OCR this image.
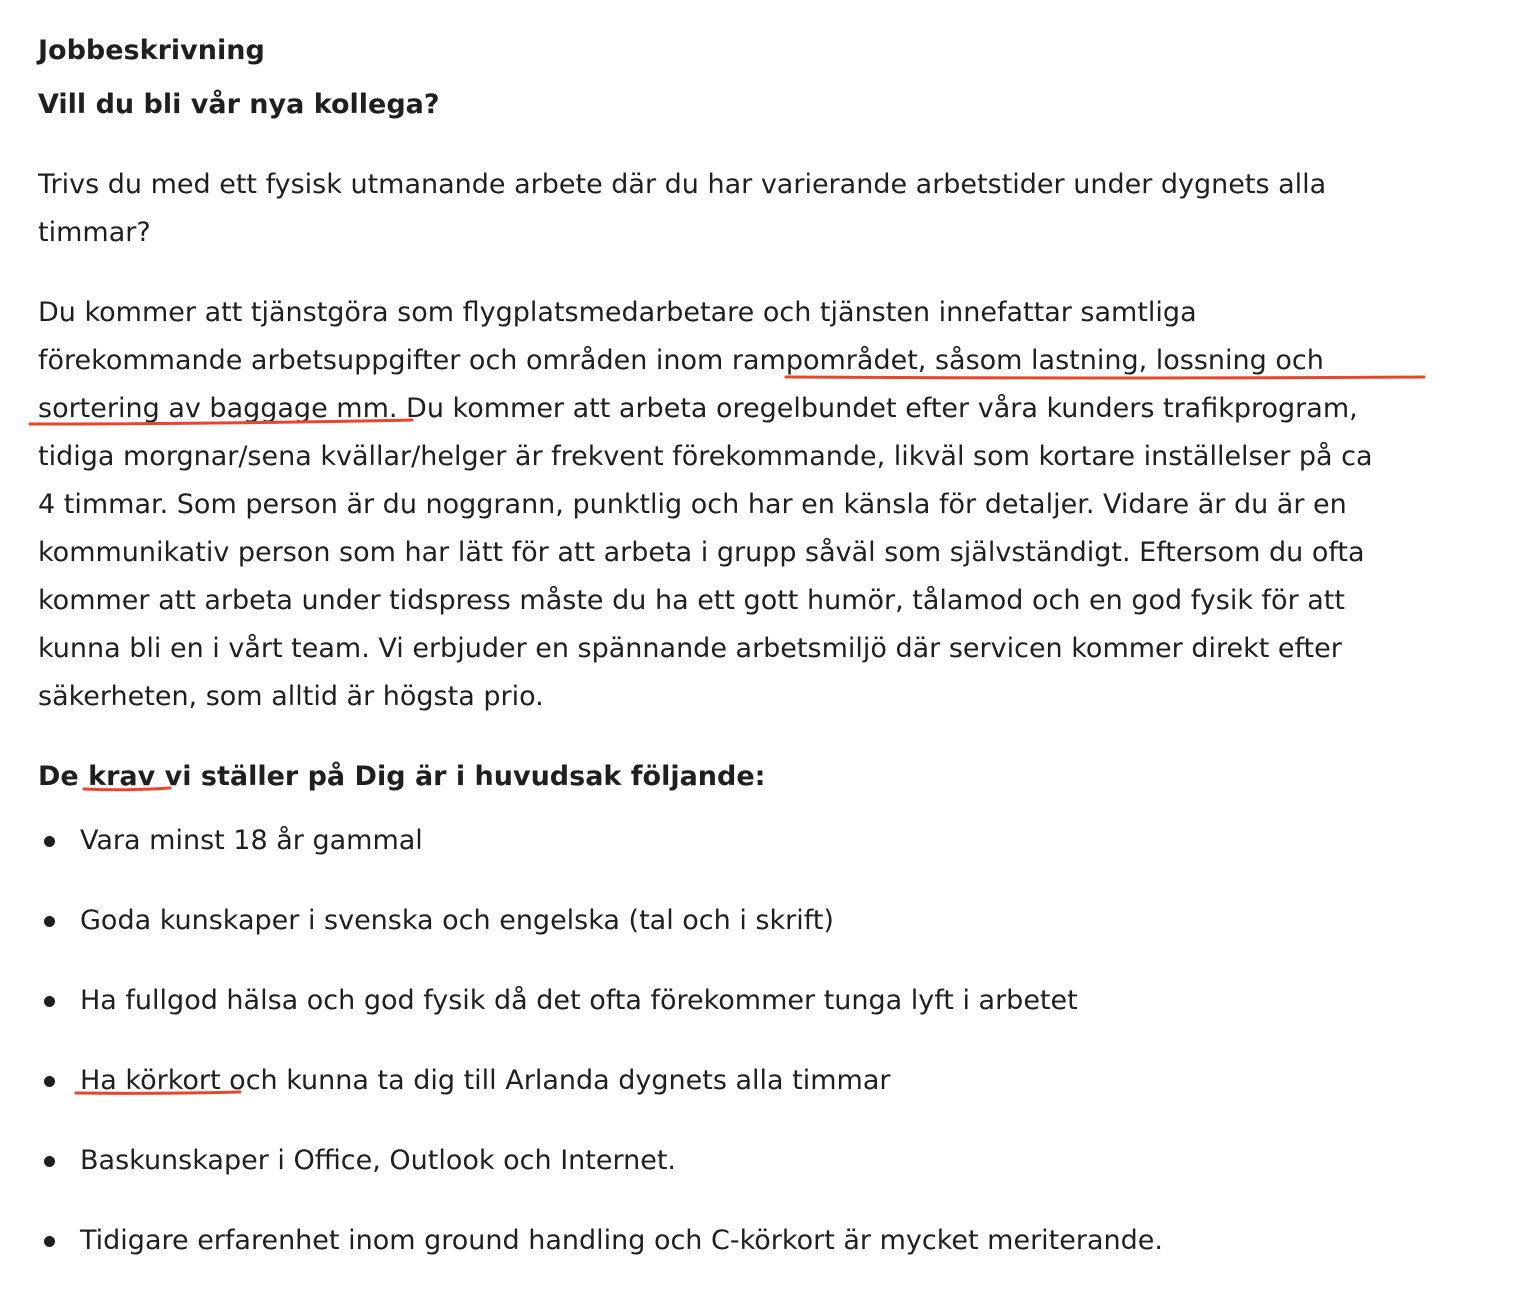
Jobbeskrivning
Vill du bli vår nya kollega?
Trivs du med ett fysisk utmanande arbete där du har varierande arbetstider under dygnets alla
timmar?
Du kommer att tjänstgöra som flygplatsmedarbetare och tjänsten innefattar samtliga
förekommande arbetsuppgifter och områden inom rampområdet, såsom lastning, lossning och
sortering av baggage mm. Du kommer att arbeta oregelbundet efter våra kunders trafikprogram,
tidiga morgnar/sena kvällar/helger är frekvent förekommande, likväl som kortare inställelser på ca
4 timmar. Som person är du noggrann, punktlig och har en känsla för detaljer. Vidare är du är en
kommunikativ person som har lätt för att arbeta i grupp såväl som självständigt. Eftersom du ofta
kommer att arbeta under tidspress måste du ha ett gott humör, tålamod och en god fysik för att
kunna bli en i vårt team. Vi erbjuder en spännande arbetsmiljö där servicen kommer direkt efter
säkerheten, som alltid är högsta prio.
De krav vi ställer på Dig är i huvudsak följande:
Vara minst 18 år gammal
Goda kunskaper i svenska och engelska (tal och i skrift)
Ha fullgod hälsa och god fysik då det ofta förekommer tunga lyft i arbetet
Ha körkort och kunna ta dig till Arlanda dygnets alla timmar
Baskunskaper i Office, Outlook och Internet.
Tidigare erfarenhet inom ground handling och C-körkort är mycket meriterande.
